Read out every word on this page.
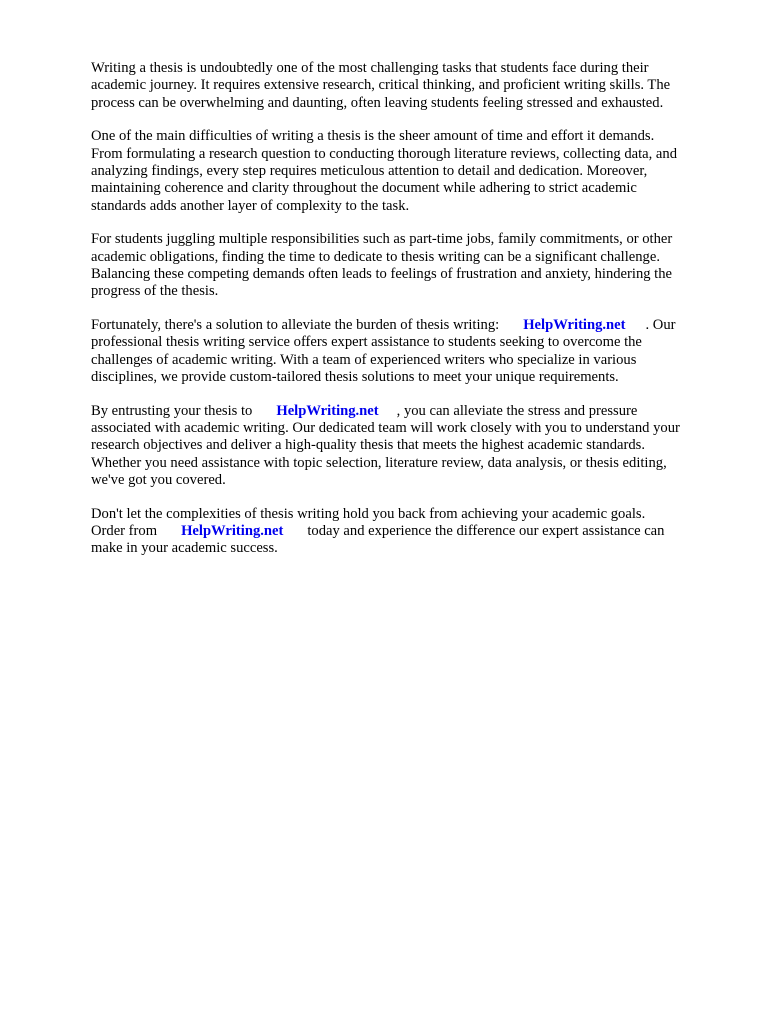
Writing a thesis is undoubtedly one of the most challenging tasks that students face during their
academic journey. It requires extensive research, critical thinking, and proficient writing skills. The
process can be overwhelming and daunting, often leaving students feeling stressed and exhausted.

One of the main difficulties of writing a thesis is the sheer amount of time and effort it demands.
From formulating a research question to conducting thorough literature reviews, collecting data, and
analyzing findings, every step requires meticulous attention to detail and dedication. Moreover,
maintaining coherence and clarity throughout the document while adhering to strict academic
standards adds another layer of complexity to the task.

For students juggling multiple responsibilities such as part-time jobs, family commitments, or other
academic obligations, finding the time to dedicate to thesis writing can be a significant challenge.
Balancing these competing demands often leads to feelings of frustration and anxiety, hindering the
progress of the thesis.

Fortunately, there's a solution to alleviate the burden of thesis writing: HelpWriting.net . Our
professional thesis writing service offers expert assistance to students seeking to overcome the
challenges of academic writing. With a team of experienced writers who specialize in various
disciplines, we provide custom-tailored thesis solutions to meet your unique requirements.

By entrusting your thesis to HelpWriting.net , you can alleviate the stress and pressure
associated with academic writing. Our dedicated team will work closely with you to understand your
research objectives and deliver a high-quality thesis that meets the highest academic standards.
Whether you need assistance with topic selection, literature review, data analysis, or thesis editing,
we've got you covered.

Don't let the complexities of thesis writing hold you back from achieving your academic goals.
Order from HelpWriting.net today and experience the difference our expert assistance can
make in your academic success.
